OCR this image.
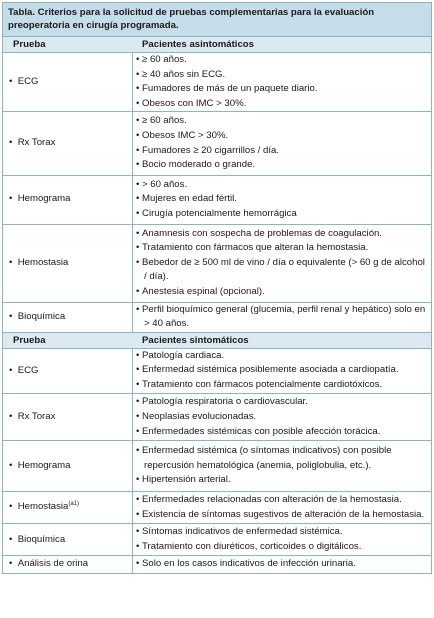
Tabla. Criterios para la solicitud de pruebas complementarias para la evaluación preoperatoria en cirugía programada.
Prueba	Pacientes asintomáticos
•  ECG
• ≥ 60 años.
• ≥ 40 años sin ECG.
• Fumadores de más de un paquete diario.
• Obesos con IMC > 30%.
•  Rx Torax
• ≥ 60 años.
• Obesos IMC > 30%.
• Fumadores ≥ 20 cigarrillos / día.
• Bocio moderado o grande.
•  Hemograma
• > 60 años.
• Mujeres en edad fértil.
• Cirugía potencialmente hemorrágica
•  Hemostasia
• Anamnesis con sospecha de problemas de coagulación.
• Tratamiento con fármacos que alteran la hemostasia.
• Bebedor de ≥ 500 ml de vino / día o equivalente (> 60 g de alcohol / día).
• Anestesia espinal (opcional).
•  Bioquímica
• Perfil bioquímico general (glucemia, perfil renal y hepático) solo en > 40 años.
Prueba	Pacientes sintomáticos
•  ECG
• Patología cardiaca.
• Enfermedad sistémica posiblemente asociada a cardiopatía.
• Tratamiento con fármacos potencialmente cardiotóxicos.
•  Rx Torax
• Patología respiratoria o cardiovascular.
• Neoplasias evolucionadas.
• Enfermedades sistémicas con posible afección torácica.
•  Hemograma
• Enfermedad sistémica (o síntomas indicativos) con posible repercusión hematológica (anemia, poliglobulia, etc.).
• Hipertensión arterial.
•  Hemostasia$^{(a1)}$	• Enfermedades relacionadas con alteración de la hemostasia.
• Existencia de síntomas sugestivos de alteración de la hemostasia.
•  Bioquímica
• Síntomas indicativos de enfermedad sistémica.
• Tratamiento con diuréticos, corticoides o digitálicos.
•  Análisis de orina	• Solo en los casos indicativos de infección urinaria.
